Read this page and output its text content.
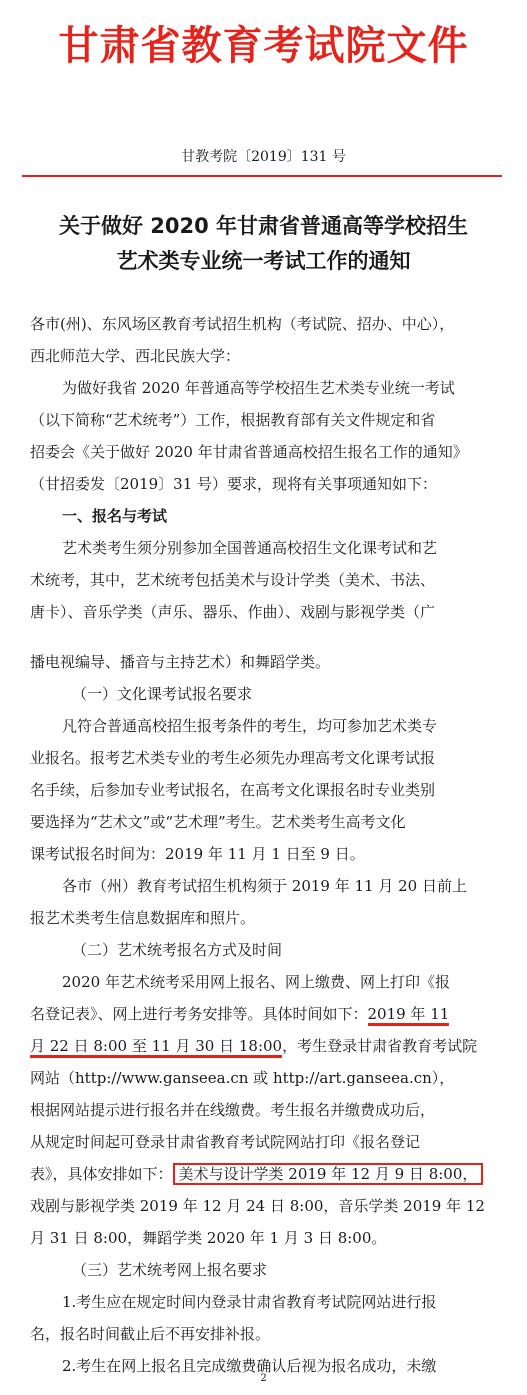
甘肃省教育考试院文件
甘教考院〔2019〕131 号
关于做好 2020 年甘肃省普通高等学校招生
艺术类专业统一考试工作的通知
各市(州)、东风场区教育考试招生机构（考试院、招办、中心），
西北师范大学、西北民族大学：
为做好我省 2020 年普通高等学校招生艺术类专业统一考试
（以下简称“艺术统考”）工作，根据教育部有关文件规定和省
招委会《关于做好 2020 年甘肃省普通高校招生报名工作的通知》
（甘招委发〔2019〕31 号）要求，现将有关事项通知如下：
一、报名与考试
艺术类考生须分别参加全国普通高校招生文化课考试和艺
术统考，其中，艺术统考包括美术与设计学类（美术、书法、
唐卡）、音乐学类（声乐、器乐、作曲）、戏剧与影视学类（广
播电视编导、播音与主持艺术）和舞蹈学类。
（一）文化课考试报名要求
凡符合普通高校招生报考条件的考生，均可参加艺术类专
业报名。报考艺术类专业的考生必须先办理高考文化课考试报
名手续，后参加专业考试报名，在高考文化课报名时专业类别
要选择为“艺术文”或“艺术理”考生。艺术类考生高考文化
课考试报名时间为：2019 年 11 月 1 日至 9 日。
各市（州）教育考试招生机构须于 2019 年 11 月 20 日前上
报艺术类考生信息数据库和照片。
（二）艺术统考报名方式及时间
2020 年艺术统考采用网上报名、网上缴费、网上打印《报
名登记表》、网上进行考务安排等。具体时间如下：2019 年 11
月 22 日 8:00 至 11 月 30 日 18:00，考生登录甘肃省教育考试院
网站（http://www.ganseea.cn 或 http://art.ganseea.cn），
根据网站提示进行报名并在线缴费。考生报名并缴费成功后，
从规定时间起可登录甘肃省教育考试院网站打印《报名登记
表》，具体安排如下： 美术与设计学类 2019 年 12 月 9 日 8:00，
戏剧与影视学类 2019 年 12 月 24 日 8:00，音乐学类 2019 年 12
月 31 日 8:00，舞蹈学类 2020 年 1 月 3 日 8:00。
（三）艺术统考网上报名要求
1.考生应在规定时间内登录甘肃省教育考试院网站进行报
名，报名时间截止后不再安排补报。
2.考生在网上报名且完成缴费确认后视为报名成功，未缴
2
